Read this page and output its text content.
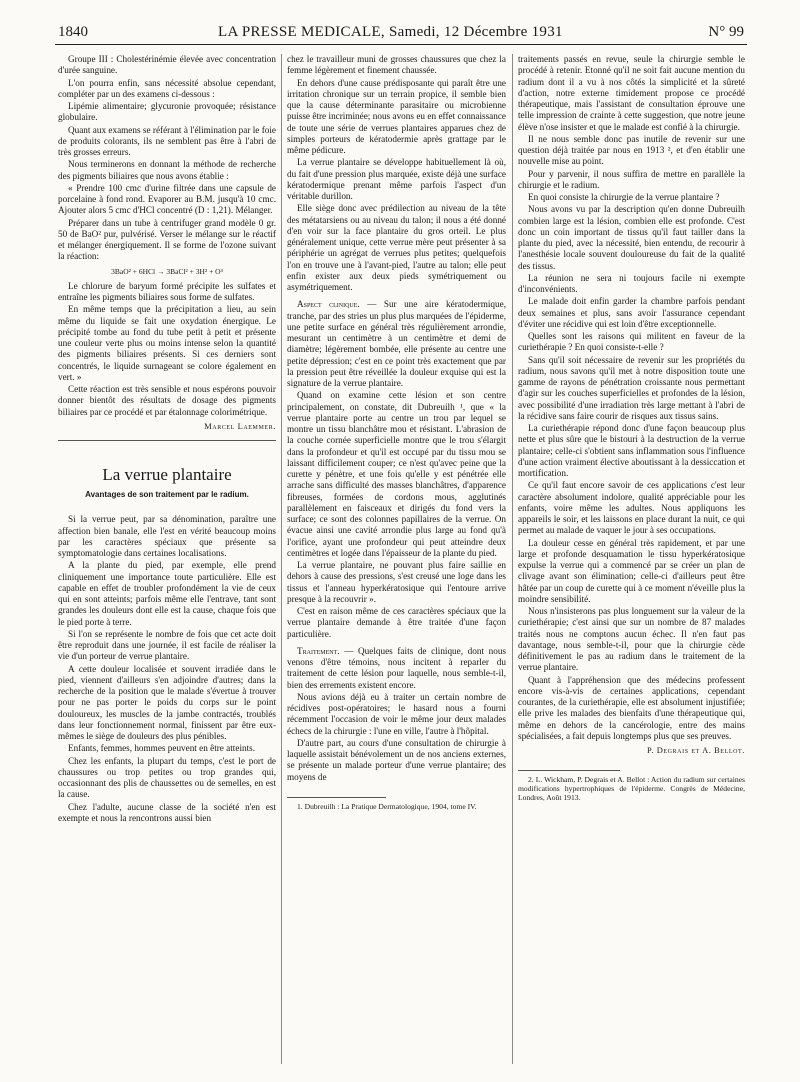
1840	LA PRESSE MEDICALE, Samedi, 12 Décembre 1931	N° 99

Groupe III : Cholestérinémie élevée avec concentration d'urée sanguine.

L'on pourra enfin, sans nécessité absolue cependant, compléter par un des examens ci-dessous :

Lipémie alimentaire; glycuronie provoquée; résistance globulaire.

Quant aux examens se référant à l'élimination par le foie de produits colorants, ils ne semblent pas être à l'abri de très grosses erreurs.

Nous terminerons en donnant la méthode de recherche des pigments biliaires que nous avons établie :

« Prendre 100 cmc d'urine filtrée dans une capsule de porcelaine à fond rond. Evaporer au B.M. jusqu'à 10 cmc. Ajouter alors 5 cmc d'HCl concentré (D : 1,21). Mélanger.

Préparer dans un tube à centrifuger grand modèle 0 gr. 50 de BaO² pur, pulvérisé. Verser le mélange sur le réactif et mélanger énergiquement. Il se forme de l'ozone suivant la réaction:

3BaO² + 6HCl → 3BaCl² + 3H² + O³

Le chlorure de baryum formé précipite les sulfates et entraîne les pigments biliaires sous forme de sulfates.

En même temps que la précipitation a lieu, au sein même du liquide se fait une oxydation énergique. Le précipité tombe au fond du tube petit à petit et présente une couleur verte plus ou moins intense selon la quantité des pigments biliaires présents. Si ces derniers sont concentrés, le liquide surnageant se colore également en vert. »

Cette réaction est très sensible et nous espérons pouvoir donner bientôt des résultats de dosage des pigments biliaires par ce procédé et par étalonnage colorimétrique.

Marcel Laemmer.
La verrue plantaire
Avantages de son traitement par le radium.

Si la verrue peut, par sa dénomination, paraître une affection bien banale, elle l'est en vérité beaucoup moins par les caractères spéciaux que présente sa symptomatologie dans certaines localisations.

A la plante du pied, par exemple, elle prend cliniquement une importance toute particulière. Elle est capable en effet de troubler profondément la vie de ceux qui en sont atteints; parfois même elle l'entrave, tant sont grandes les douleurs dont elle est la cause, chaque fois que le pied porte à terre.

Si l'on se représente le nombre de fois que cet acte doit être reproduit dans une journée, il est facile de réaliser la vie d'un porteur de verrue plantaire.

A cette douleur localisée et souvent irradiée dans le pied, viennent d'ailleurs s'en adjoindre d'autres; dans la recherche de la position que le malade s'évertue à trouver pour ne pas porter le poids du corps sur le point douloureux, les muscles de la jambe contractés, troublés dans leur fonctionnement normal, finissent par être eux-mêmes le siège de douleurs des plus pénibles.

Enfants, femmes, hommes peuvent en être atteints.

Chez les enfants, la plupart du temps, c'est le port de chaussures ou trop petites ou trop grandes qui, occasionnant des plis de chaussettes ou de semelles, en est la cause.

Chez l'adulte, aucune classe de la société n'en est exempte et nous la rencontrons aussi bien

chez le travailleur muni de grosses chaussures que chez la femme légèrement et finement chaussée.

En dehors d'une cause prédisposante qui paraît être une irritation chronique sur un terrain propice, il semble bien que la cause déterminante parasitaire ou microbienne puisse être incriminée; nous avons eu en effet connaissance de toute une série de verrues plantaires apparues chez de simples porteurs de kératodermie après grattage par le même pédicure.

La verrue plantaire se développe habituellement là où, du fait d'une pression plus marquée, existe déjà une surface kératodermique prenant même parfois l'aspect d'un véritable durillon.

Elle siège donc avec prédilection au niveau de la tête des métatarsiens ou au niveau du talon; il nous a été donné d'en voir sur la face plantaire du gros orteil. Le plus généralement unique, cette verrue mère peut présenter à sa périphérie un agrégat de verrues plus petites; quelquefois l'on en trouve une à l'avant-pied, l'autre au talon; elle peut enfin exister aux deux pieds symétriquement ou asymétriquement.

Aspect clinique. — Sur une aire kératodermique, tranche, par des stries un plus plus marquées de l'épiderme, une petite surface en général très régulièrement arrondie, mesurant un centimètre à un centimètre et demi de diamètre; légèrement bombée, elle présente au centre une petite dépression; c'est en ce point très exactement que par la pression peut être réveillée la douleur exquise qui est la signature de la verrue plantaire.

Quand on examine cette lésion et son centre principalement, on constate, dit Dubreuilh ¹, que « la verrue plantaire porte au centre un trou par lequel se montre un tissu blanchâtre mou et résistant. L'abrasion de la couche cornée superficielle montre que le trou s'élargit dans la profondeur et qu'il est occupé par du tissu mou se laissant difficilement couper; ce n'est qu'avec peine que la curette y pénètre, et une fois qu'elle y est pénétrée elle arrache sans difficulté des masses blanchâtres, d'apparence fibreuses, formées de cordons mous, agglutinés parallèlement en faisceaux et dirigés du fond vers la surface; ce sont des colonnes papillaires de la verrue. On évacue ainsi une cavité arrondie plus large au fond qu'à l'orifice, ayant une profondeur qui peut atteindre deux centimètres et logée dans l'épaisseur de la plante du pied.

La verrue plantaire, ne pouvant plus faire saillie en dehors à cause des pressions, s'est creusé une loge dans les tissus et l'anneau hyperkératosique qui l'entoure arrive presque à la recouvrir ».

C'est en raison même de ces caractères spéciaux que la verrue plantaire demande à être traitée d'une façon particulière.

Traitement. — Quelques faits de clinique, dont nous venons d'être témoins, nous incitent à reparler du traitement de cette lésion pour laquelle, nous semble-t-il, bien des errements existent encore.

Nous avions déjà eu à traiter un certain nombre de récidives post-opératoires; le hasard nous a fourni récemment l'occasion de voir le même jour deux malades échecs de la chirurgie : l'une en ville, l'autre à l'hôpital.

D'autre part, au cours d'une consultation de chirurgie à laquelle assistait bénévolement un de nos anciens externes, se présente un malade porteur d'une verrue plantaire; des moyens de

1. Dubreuilh : La Pratique Dermatologique, 1904, tome IV.

traitements passés en revue, seule la chirurgie semble le procédé à retenir. Etonné qu'il ne soit fait aucune mention du radium dont il a vu à nos côtés la simplicité et la sûreté d'action, notre externe timidement propose ce procédé thérapeutique, mais l'assistant de consultation éprouve une telle impression de crainte à cette suggestion, que notre jeune élève n'ose insister et que le malade est confié à la chirurgie.

Il ne nous semble donc pas inutile de revenir sur une question déjà traitée par nous en 1913 ², et d'en établir une nouvelle mise au point.

Pour y parvenir, il nous suffira de mettre en parallèle la chirurgie et le radium.

En quoi consiste la chirurgie de la verrue plantaire ?

Nous avons vu par la description qu'en donne Dubreuilh combien large est la lésion, combien elle est profonde. C'est donc un coin important de tissus qu'il faut tailler dans la plante du pied, avec la nécessité, bien entendu, de recourir à l'anesthésie locale souvent douloureuse du fait de la qualité des tissus.

La réunion ne sera ni toujours facile ni exempte d'inconvénients.

Le malade doit enfin garder la chambre parfois pendant deux semaines et plus, sans avoir l'assurance cependant d'éviter une récidive qui est loin d'être exceptionnelle.

Quelles sont les raisons qui militent en faveur de la curiethérapie ? En quoi consiste-t-elle ?

Sans qu'il soit nécessaire de revenir sur les propriétés du radium, nous savons qu'il met à notre disposition toute une gamme de rayons de pénétration croissante nous permettant d'agir sur les couches superficielles et profondes de la lésion, avec possibilité d'une irradiation très large mettant à l'abri de la récidive sans faire courir de risques aux tissus sains.

La curiethérapie répond donc d'une façon beaucoup plus nette et plus sûre que le bistouri à la destruction de la verrue plantaire; celle-ci s'obtient sans inflammation sous l'influence d'une action vraiment élective aboutissant à la dessiccation et mortification.

Ce qu'il faut encore savoir de ces applications c'est leur caractère absolument indolore, qualité appréciable pour les enfants, voire même les adultes. Nous appliquons les appareils le soir, et les laissons en place durant la nuit, ce qui permet au malade de vaquer le jour à ses occupations.

La douleur cesse en général très rapidement, et par une large et profonde desquamation le tissu hyperkératosique expulse la verrue qui a commencé par se créer un plan de clivage avant son élimination; celle-ci d'ailleurs peut être hâtée par un coup de curette qui à ce moment n'éveille plus la moindre sensibilité.

Nous n'insisterons pas plus longuement sur la valeur de la curiethérapie; c'est ainsi que sur un nombre de 87 malades traités nous ne comptons aucun échec. Il n'en faut pas davantage, nous semble-t-il, pour que la chirurgie cède définitivement le pas au radium dans le traitement de la verrue plantaire.

Quant à l'appréhension que des médecins professent encore vis-à-vis de certaines applications, cependant courantes, de la curiethérapie, elle est absolument injustifiée; elle prive les malades des bienfaits d'une thérapeutique qui, même en dehors de la cancérologie, entre des mains spécialisées, a fait depuis longtemps plus que ses preuves.

P. Degrais et A. Bellot.

2. L. Wickham, P. Degrais et A. Bellot : Action du radium sur certaines modifications hypertrophiques de l'épiderme. Congrès de Médecine, Londres, Août 1913.
